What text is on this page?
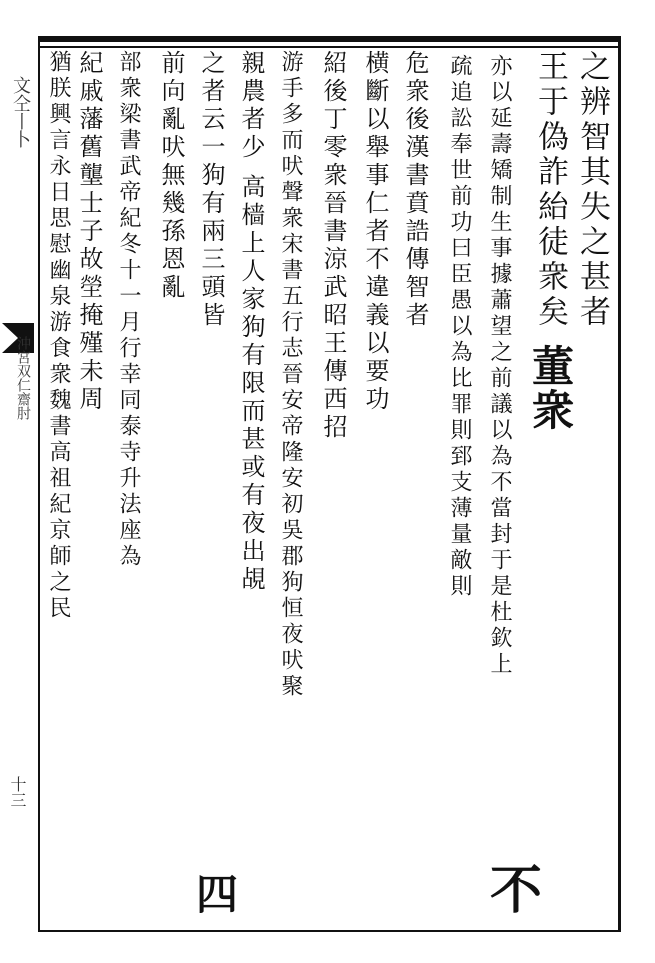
文仝丨卜
沖宮双仁齋肘
十三
之辨智其失之甚者
王于偽詐紿徒衆矣 董衆
亦以延壽矯制生事據蕭望之前議以為不當封于是杜欽上
疏追訟奉世前功曰臣愚以為比罪則郅支薄量敵則
危衆後漢書賁誥傳智者
横斷以舉事仁者不違義以要功
紹後丁零衆晉書涼武昭王傳西招
游手多而吠聲衆宋書五行志晉安帝隆安初吳郡狗恒夜吠聚
親農者少 高樯上人家狗有限而甚或有夜出覘
之者云一狗有兩三頭皆
前向亂吠無幾孫恩亂
部衆梁書武帝紀冬十一月行幸同泰寺升法座為
紀戚藩舊壟士子故塋掩殣未周
猶朕興言永日思慰幽泉游食衆魏書高祖紀京師之民
不
四
